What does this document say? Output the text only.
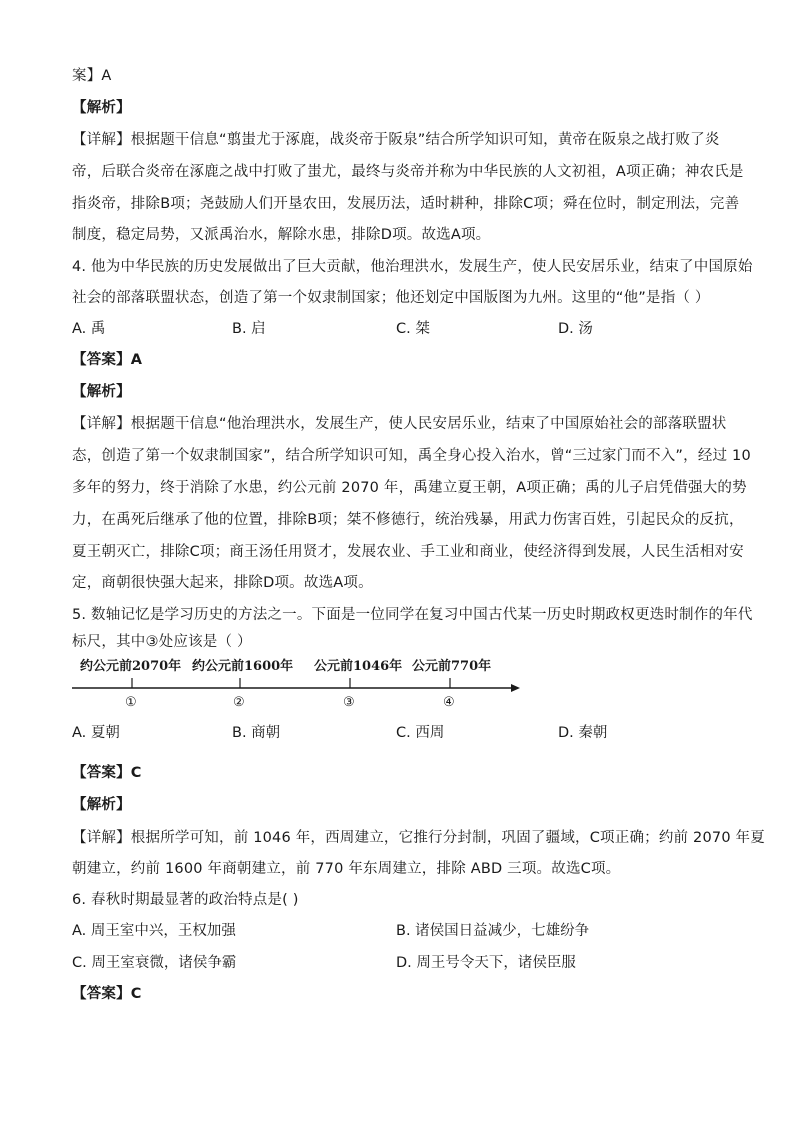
案】A
【解析】
【详解】根据题干信息“翦蚩尤于涿鹿，战炎帝于阪泉”结合所学知识可知，黄帝在阪泉之战打败了炎
帝，后联合炎帝在涿鹿之战中打败了蚩尤，最终与炎帝并称为中华民族的人文初祖，A项正确；神农氏是
指炎帝，排除B项；尧鼓励人们开垦农田，发展历法，适时耕种，排除C项；舜在位时，制定刑法，完善
制度，稳定局势，又派禹治水，解除水患，排除D项。故选A项。
4. 他为中华民族的历史发展做出了巨大贡献，他治理洪水，发展生产，使人民安居乐业，结束了中国原始
社会的部落联盟状态，创造了第一个奴隶制国家；他还划定中国版图为九州。这里的“他”是指（ ）
A. 禹	B. 启	C. 桀	D. 汤
【答案】A
【解析】
【详解】根据题干信息“他治理洪水，发展生产，使人民安居乐业，结束了中国原始社会的部落联盟状
态，创造了第一个奴隶制国家”，结合所学知识可知，禹全身心投入治水，曾“三过家门而不入”，经过 10
多年的努力，终于消除了水患，约公元前 2070 年，禹建立夏王朝，A项正确；禹的儿子启凭借强大的势
力，在禹死后继承了他的位置，排除B项；桀不修德行，统治残暴，用武力伤害百姓，引起民众的反抗，
夏王朝灭亡，排除C项；商王汤任用贤才，发展农业、手工业和商业，使经济得到发展，人民生活相对安
定，商朝很快强大起来，排除D项。故选A项。
5. 数轴记忆是学习历史的方法之一。下面是一位同学在复习中国古代某一历史时期政权更迭时制作的年代
标尺，其中③处应该是（ ）
约公元前2070年 约公元前1600年 公元前1046年 公元前770年
①	②	③	④
A. 夏朝	B. 商朝	C. 西周	D. 秦朝
【答案】C
【解析】
【详解】根据所学可知，前 1046 年，西周建立，它推行分封制，巩固了疆域，C项正确；约前 2070 年夏
朝建立，约前 1600 年商朝建立，前 770 年东周建立，排除 ABD 三项。故选C项。
6. 春秋时期最显著的政治特点是( )
A. 周王室中兴，王权加强	B. 诸侯国日益减少，七雄纷争
C. 周王室衰微，诸侯争霸	D. 周王号令天下，诸侯臣服
【答案】C
